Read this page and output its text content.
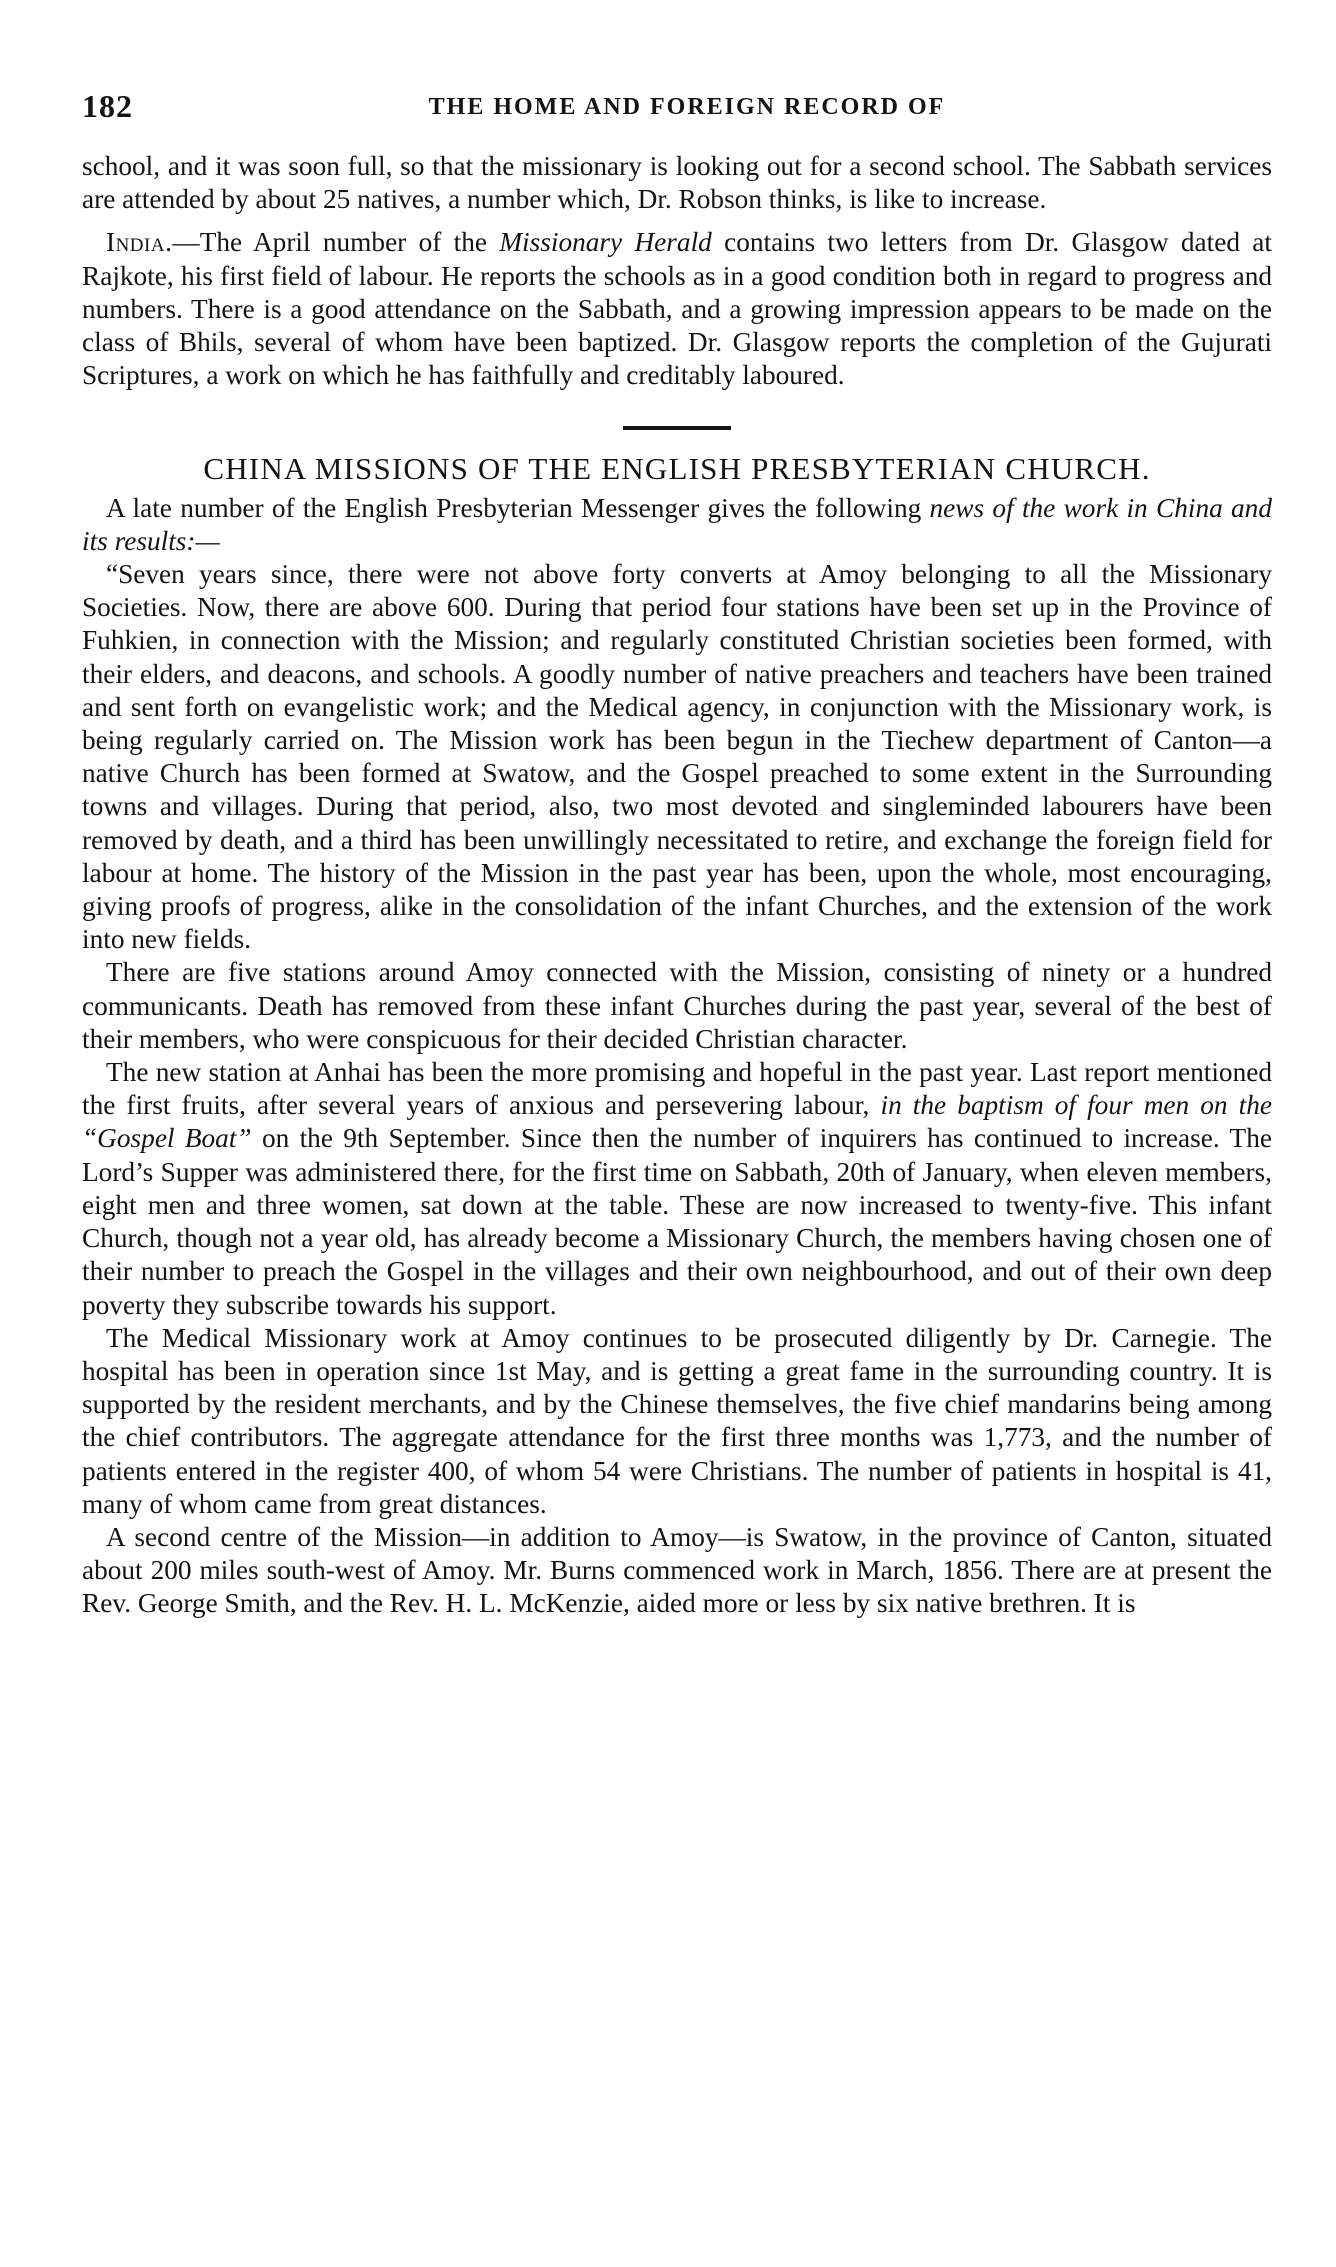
182	THE HOME AND FOREIGN RECORD OF

school, and it was soon full, so that the missionary is looking out for a second school. The Sabbath services are attended by about 25 natives, a number which, Dr. Robson thinks, is like to increase.

India.—The April number of the Missionary Herald contains two letters from Dr. Glasgow dated at Rajkote, his first field of labour. He reports the schools as in a good condition both in regard to progress and numbers. There is a good attendance on the Sabbath, and a growing impression appears to be made on the class of Bhils, several of whom have been baptized. Dr. Glasgow reports the completion of the Gujurati Scriptures, a work on which he has faithfully and creditably laboured.

CHINA MISSIONS OF THE ENGLISH PRESBYTERIAN CHURCH.

A late number of the English Presbyterian Messenger gives the following news of the work in China and its results:—

“Seven years since, there were not above forty converts at Amoy belonging to all the Missionary Societies. Now, there are above 600. During that period four stations have been set up in the Province of Fuhkien, in connection with the Mission; and regularly constituted Christian societies been formed, with their elders, and deacons, and schools. A goodly number of native preachers and teachers have been trained and sent forth on evangelistic work; and the Medical agency, in conjunction with the Missionary work, is being regularly carried on. The Mission work has been begun in the Tiechew department of Canton—a native Church has been formed at Swatow, and the Gospel preached to some extent in the Surrounding towns and villages. During that period, also, two most devoted and singleminded labourers have been removed by death, and a third has been unwillingly necessitated to retire, and exchange the foreign field for labour at home. The history of the Mission in the past year has been, upon the whole, most encouraging, giving proofs of progress, alike in the consolidation of the infant Churches, and the extension of the work into new fields.

There are five stations around Amoy connected with the Mission, consisting of ninety or a hundred communicants. Death has removed from these infant Churches during the past year, several of the best of their members, who were conspicuous for their decided Christian character.

The new station at Anhai has been the more promising and hopeful in the past year. Last report mentioned the first fruits, after several years of anxious and persevering labour, in the baptism of four men on the “Gospel Boat” on the 9th September. Since then the number of inquirers has continued to increase. The Lord’s Supper was administered there, for the first time on Sabbath, 20th of January, when eleven members, eight men and three women, sat down at the table. These are now increased to twenty-five. This infant Church, though not a year old, has already become a Missionary Church, the members having chosen one of their number to preach the Gospel in the villages and their own neighbourhood, and out of their own deep poverty they subscribe towards his support.

The Medical Missionary work at Amoy continues to be prosecuted diligently by Dr. Carnegie. The hospital has been in operation since 1st May, and is getting a great fame in the surrounding country. It is supported by the resident merchants, and by the Chinese themselves, the five chief mandarins being among the chief contributors. The aggregate attendance for the first three months was 1,773, and the number of patients entered in the register 400, of whom 54 were Christians. The number of patients in hospital is 41, many of whom came from great distances.

A second centre of the Mission—in addition to Amoy—is Swatow, in the province of Canton, situated about 200 miles south-west of Amoy. Mr. Burns commenced work in March, 1856. There are at present the Rev. George Smith, and the Rev. H. L. McKenzie, aided more or less by six native brethren. It is
